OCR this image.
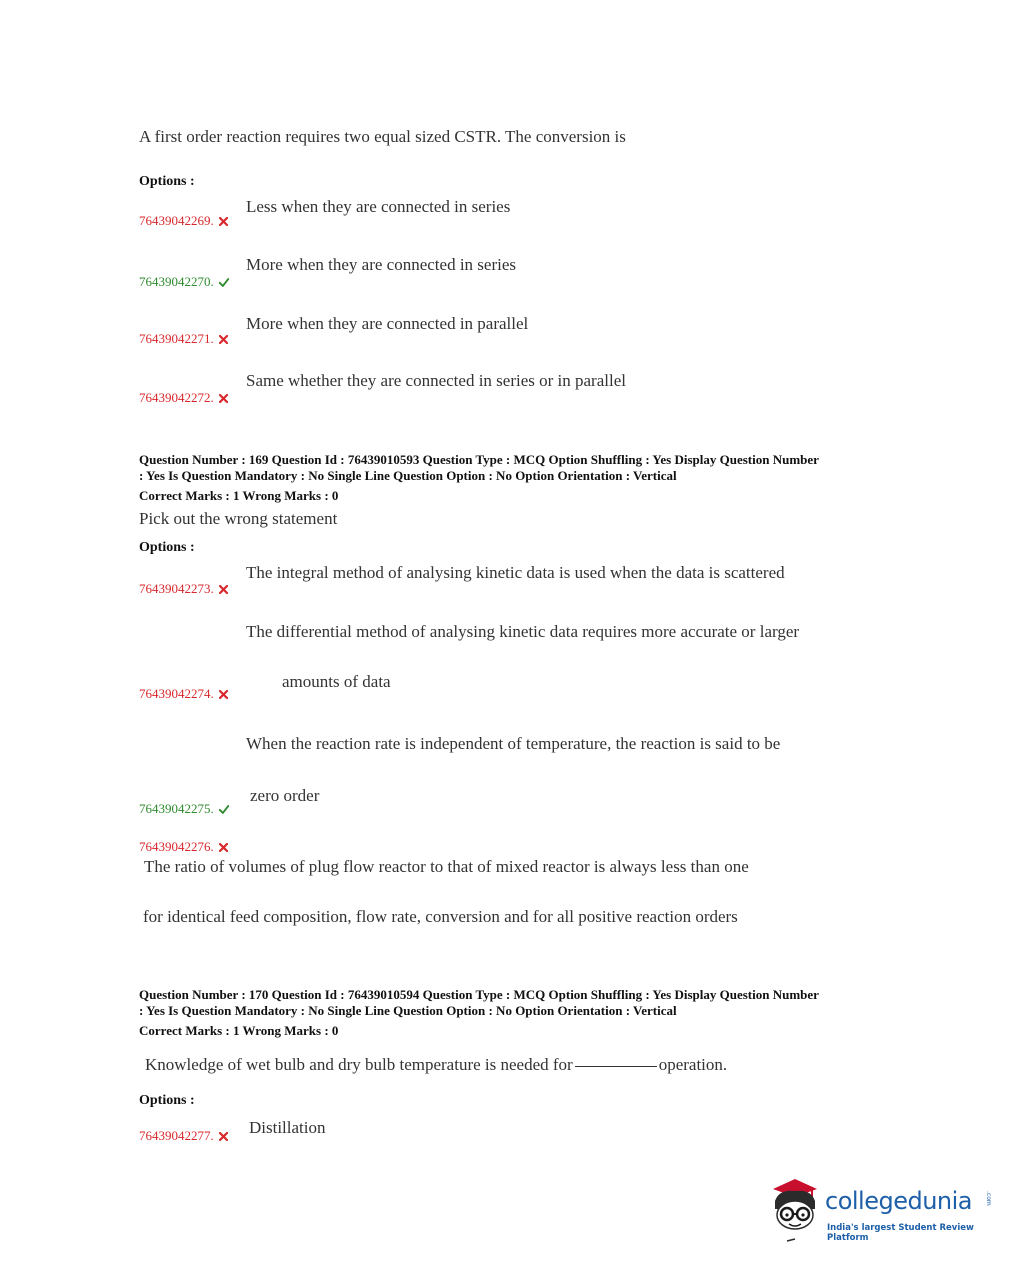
A first order reaction requires two equal sized CSTR. The conversion is
Options :
Less when they are connected in series
76439042269.
More when they are connected in series
76439042270.
More when they are connected in parallel
76439042271.
Same whether they are connected in series or in parallel
76439042272.
Question Number : 169 Question Id : 76439010593 Question Type : MCQ Option Shuffling : Yes Display Question Number
: Yes Is Question Mandatory : No Single Line Question Option : No Option Orientation : Vertical
Correct Marks : 1 Wrong Marks : 0
Pick out the wrong statement
Options :
The integral method of analysing kinetic data is used when the data is scattered
76439042273.
The differential method of analysing kinetic data requires more accurate or larger
amounts of data
76439042274.
When the reaction rate is independent of temperature, the reaction is said to be
zero order
76439042275.
76439042276.
The ratio of volumes of plug flow reactor to that of mixed reactor is always less than one
for identical feed composition, flow rate, conversion and for all positive reaction orders
Question Number : 170 Question Id : 76439010594 Question Type : MCQ Option Shuffling : Yes Display Question Number
: Yes Is Question Mandatory : No Single Line Question Option : No Option Orientation : Vertical
Correct Marks : 1 Wrong Marks : 0
Knowledge of wet bulb and dry bulb temperature is needed for	operation.
Options :
Distillation
76439042277.
collegedunia .com
India's largest Student Review Platform
